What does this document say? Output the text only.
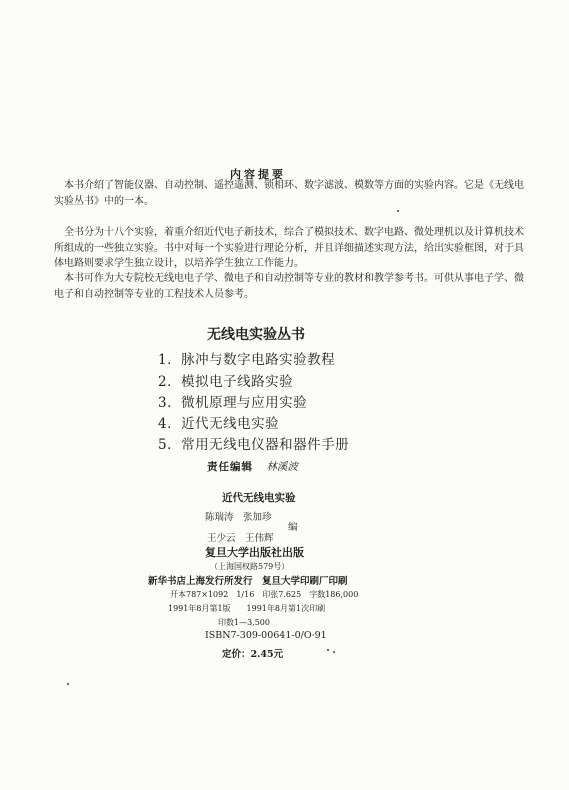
内容提要

本书介绍了智能仪器、自动控制、遥控遥测、锁相环、数字滤波、模数等方面的实验内容。它是《无线电实验丛书》中的一本。

全书分为十八个实验，着重介绍近代电子新技术，综合了模拟技术、数字电路、微处理机以及计算机技术所组成的一些独立实验。书中对每一个实验进行理论分析，并且详细描述实现方法，给出实验框图，对于具体电路则要求学生独立设计，以培养学生独立工作能力。

本书可作为大专院校无线电电子学、微电子和自动控制等专业的教材和教学参考书。可供从事电子学、微电子和自动控制等专业的工程技术人员参考。

无线电实验丛书
1．脉冲与数字电路实验教程
2．模拟电子线路实验
3．微机原理与应用实验
4．近代无线电实验
5．常用无线电仪器和器件手册
责任编辑 林溪波
近代无线电实验
陈瑞涛　张加珍
编
王少云　王伟辉
复旦大学出版社出版
（上海国权路579号）
新华书店上海发行所发行　复旦大学印刷厂印刷
开本787×1092　1/16　印张7.625　字数186,000
1991年8月第1版　　1991年8月第1次印刷
印数1—3,500
ISBN7-309-00641-0/O·91
定价：2.45元
